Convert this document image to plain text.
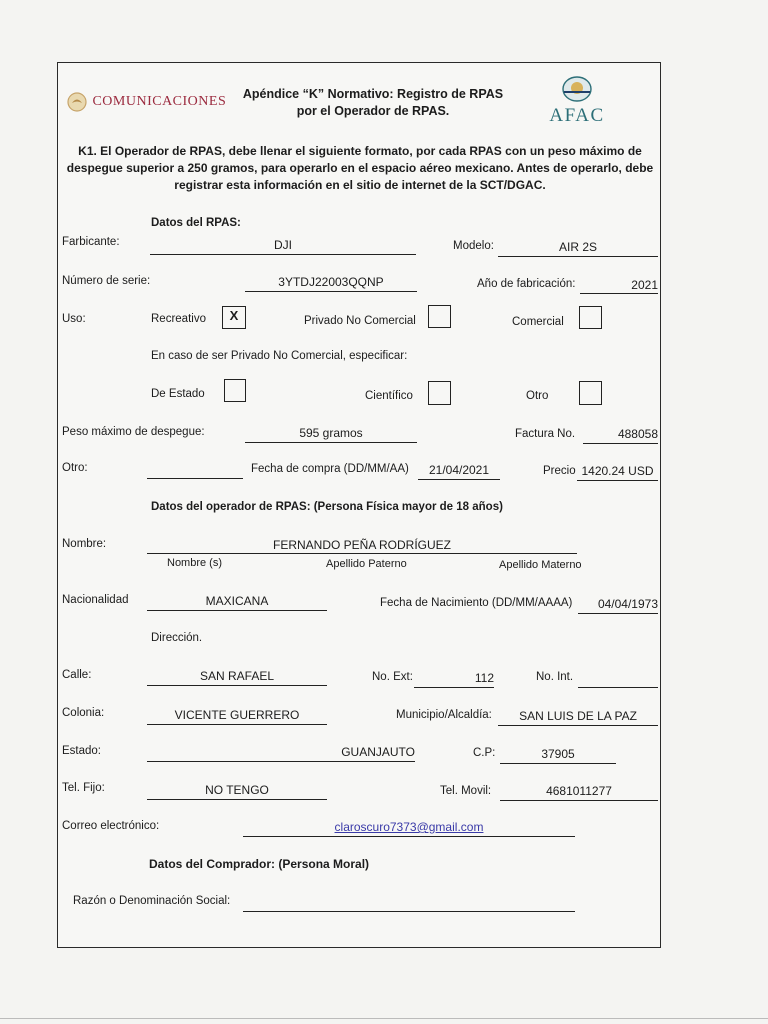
COMUNICACIONES	Apéndice “K” Normativo: Registro de RPAS
por el Operador de RPAS.	AFAC
K1. El Operador de RPAS, debe llenar el siguiente formato, por cada RPAS con un peso máximo de despegue superior a 250 gramos, para operarlo en el espacio aéreo mexicano. Antes de operarlo, debe registrar esta información en el sitio de internet de la SCT/DGAC.
Datos del RPAS:
Farbicante:	DJI	Modelo:	AIR 2S
Número de serie:	3YTDJ22003QQNP	Año de fabricación:	2021
Uso:	Recreativo	X	Privado No Comercial	Comercial
En caso de ser Privado No Comercial, especificar:
De Estado	Científico	Otro
Peso máximo de despegue:	595 gramos	Factura No.	488058
Otro:	Fecha de compra (DD/MM/AA)	21/04/2021	Precio 1420.24 USD
Datos del operador de RPAS: (Persona Física mayor de 18 años)
Nombre:	FERNANDO PEÑA RODRÍGUEZ
Nombre (s)	Apellido Paterno	Apellido Materno
Nacionalidad	MAXICANA	Fecha de Nacimiento (DD/MM/AAAA)	04/04/1973
Dirección.
Calle:	SAN RAFAEL	No. Ext:	112	No. Int.
Colonia:	VICENTE GUERRERO	Municipio/Alcaldía:	SAN LUIS DE LA PAZ
Estado:	GUANJAUTO	C.P:	37905
Tel. Fijo:	NO TENGO	Tel. Movil:	4681011277
Correo electrónico:	claroscuro7373@gmail.com
Datos del Comprador: (Persona Moral)
Razón o Denominación Social:
